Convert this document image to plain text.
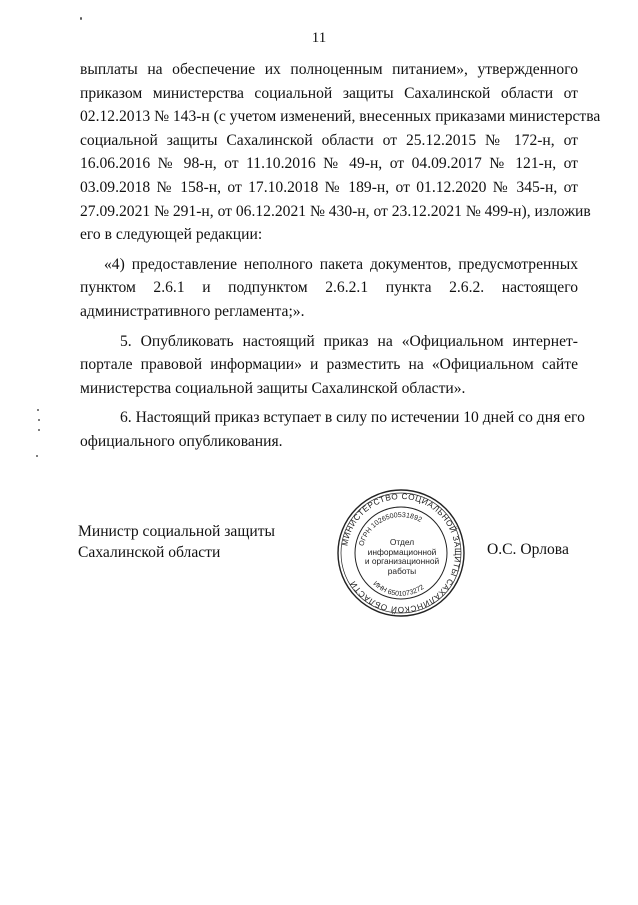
11

выплаты на обеспечение их полноценным питанием», утвержденного
приказом министерства социальной защиты Сахалинской области от
02.12.2013 № 143-н (с учетом изменений, внесенных приказами министерства
социальной защиты Сахалинской области от 25.12.2015 № 172-н, от
16.06.2016 № 98-н, от 11.10.2016 № 49-н, от 04.09.2017 № 121-н, от
03.09.2018 № 158-н, от 17.10.2018 № 189-н, от 01.12.2020 № 345-н, от
27.09.2021 № 291-н, от 06.12.2021 № 430-н, от 23.12.2021 № 499-н), изложив
его в следующей редакции:

«4) предоставление неполного пакета документов, предусмотренных
пунктом 2.6.1 и подпунктом 2.6.2.1 пункта 2.6.2. настоящего
административного регламента;».

5. Опубликовать настоящий приказ на «Официальном интернет-
портале правовой информации» и разместить на «Официальном сайте
министерства социальной защиты Сахалинской области».

6. Настоящий приказ вступает в силу по истечении 10 дней со дня его
официального опубликования.

Министр социальной защиты
Сахалинской области	О.С. Орлова
МИНИСТЕРСТВО СОЦИАЛЬНОЙ ЗАЩИТЫ САХАЛИНСКОЙ ОБЛАСТИ
ОГРН 1026500531892
ИНН 6501073272
Отдел
информационной
и организационной
работы
